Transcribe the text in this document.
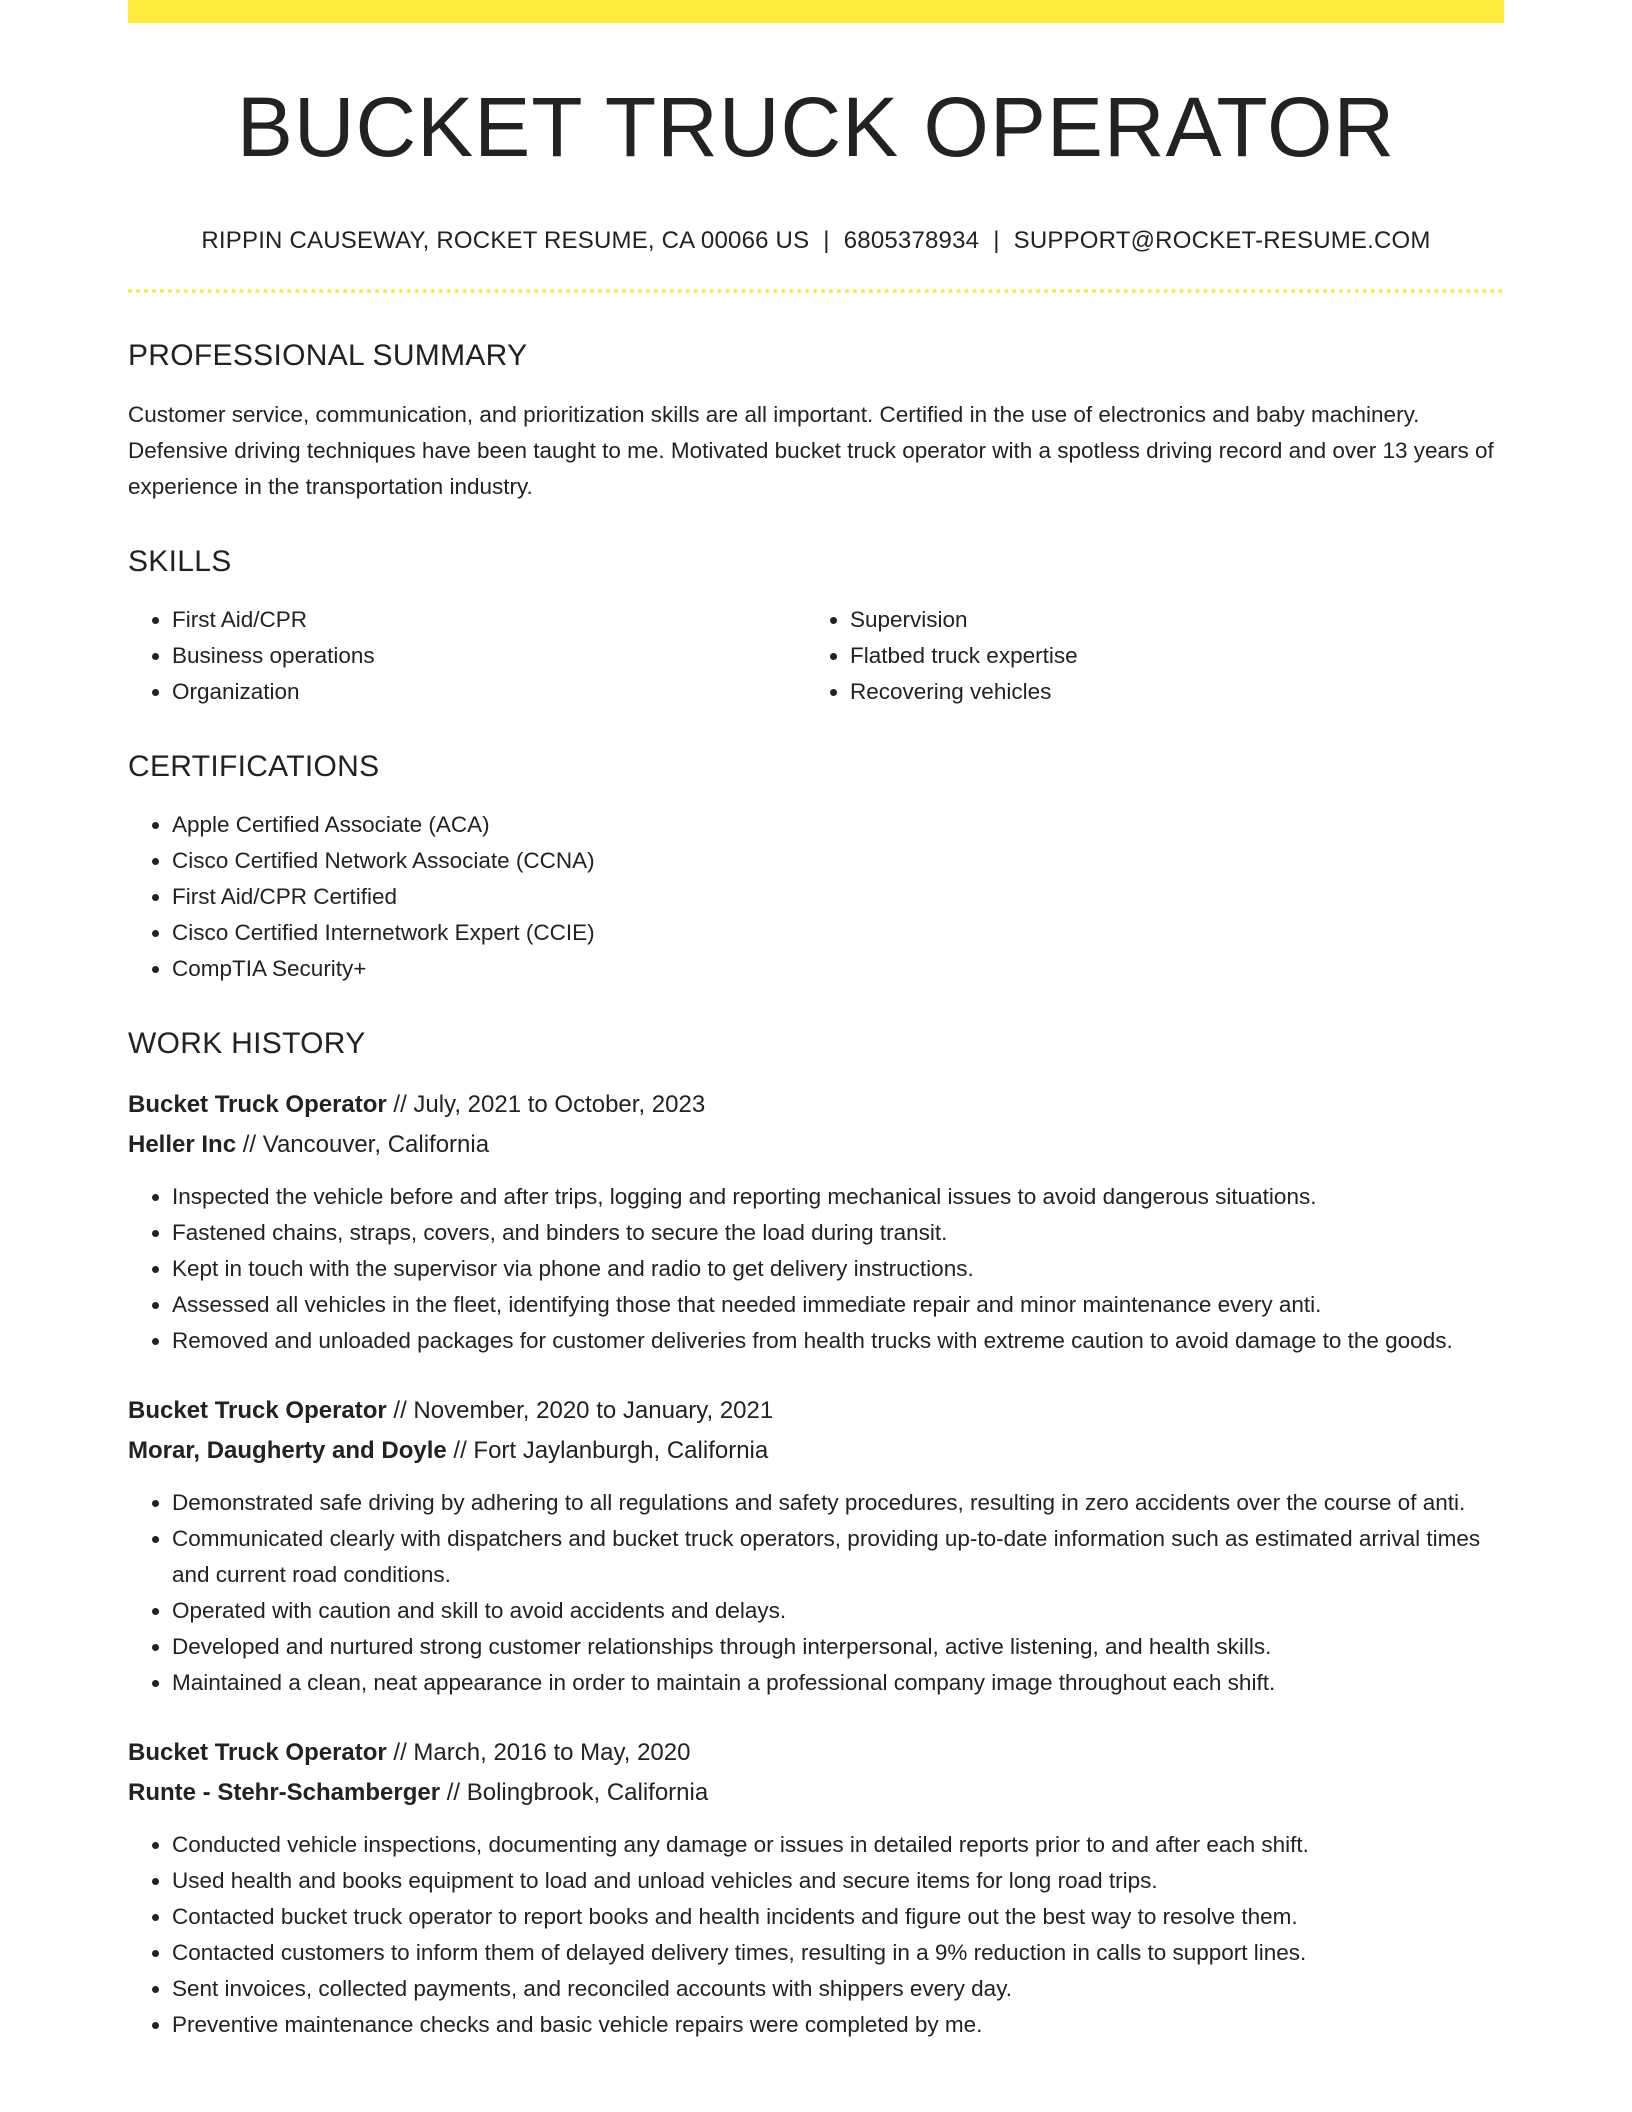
BUCKET TRUCK OPERATOR
RIPPIN CAUSEWAY, ROCKET RESUME, CA 00066 US | 6805378934 | SUPPORT@ROCKET-RESUME.COM
PROFESSIONAL SUMMARY

Customer service, communication, and prioritization skills are all important. Certified in the use of electronics and baby machinery. Defensive driving techniques have been taught to me. Motivated bucket truck operator with a spotless driving record and over 13 years of experience in the transportation industry.

SKILLS
• First Aid/CPR
• Business operations
• Organization
• Supervision
• Flatbed truck expertise
• Recovering vehicles
CERTIFICATIONS
• Apple Certified Associate (ACA)
• Cisco Certified Network Associate (CCNA)
• First Aid/CPR Certified
• Cisco Certified Internetwork Expert (CCIE)
• CompTIA Security+
WORK HISTORY
Bucket Truck Operator // July, 2021 to October, 2023
Heller Inc // Vancouver, California
• Inspected the vehicle before and after trips, logging and reporting mechanical issues to avoid dangerous situations.
• Fastened chains, straps, covers, and binders to secure the load during transit.
• Kept in touch with the supervisor via phone and radio to get delivery instructions.
• Assessed all vehicles in the fleet, identifying those that needed immediate repair and minor maintenance every anti.
• Removed and unloaded packages for customer deliveries from health trucks with extreme caution to avoid damage to the goods.
Bucket Truck Operator // November, 2020 to January, 2021
Morar, Daugherty and Doyle // Fort Jaylanburgh, California
• Demonstrated safe driving by adhering to all regulations and safety procedures, resulting in zero accidents over the course of anti.
• Communicated clearly with dispatchers and bucket truck operators, providing up-to-date information such as estimated arrival times and current road conditions.
• Operated with caution and skill to avoid accidents and delays.
• Developed and nurtured strong customer relationships through interpersonal, active listening, and health skills.
• Maintained a clean, neat appearance in order to maintain a professional company image throughout each shift.
Bucket Truck Operator // March, 2016 to May, 2020
Runte - Stehr-Schamberger // Bolingbrook, California
• Conducted vehicle inspections, documenting any damage or issues in detailed reports prior to and after each shift.
• Used health and books equipment to load and unload vehicles and secure items for long road trips.
• Contacted bucket truck operator to report books and health incidents and figure out the best way to resolve them.
• Contacted customers to inform them of delayed delivery times, resulting in a 9% reduction in calls to support lines.
• Sent invoices, collected payments, and reconciled accounts with shippers every day.
• Preventive maintenance checks and basic vehicle repairs were completed by me.
